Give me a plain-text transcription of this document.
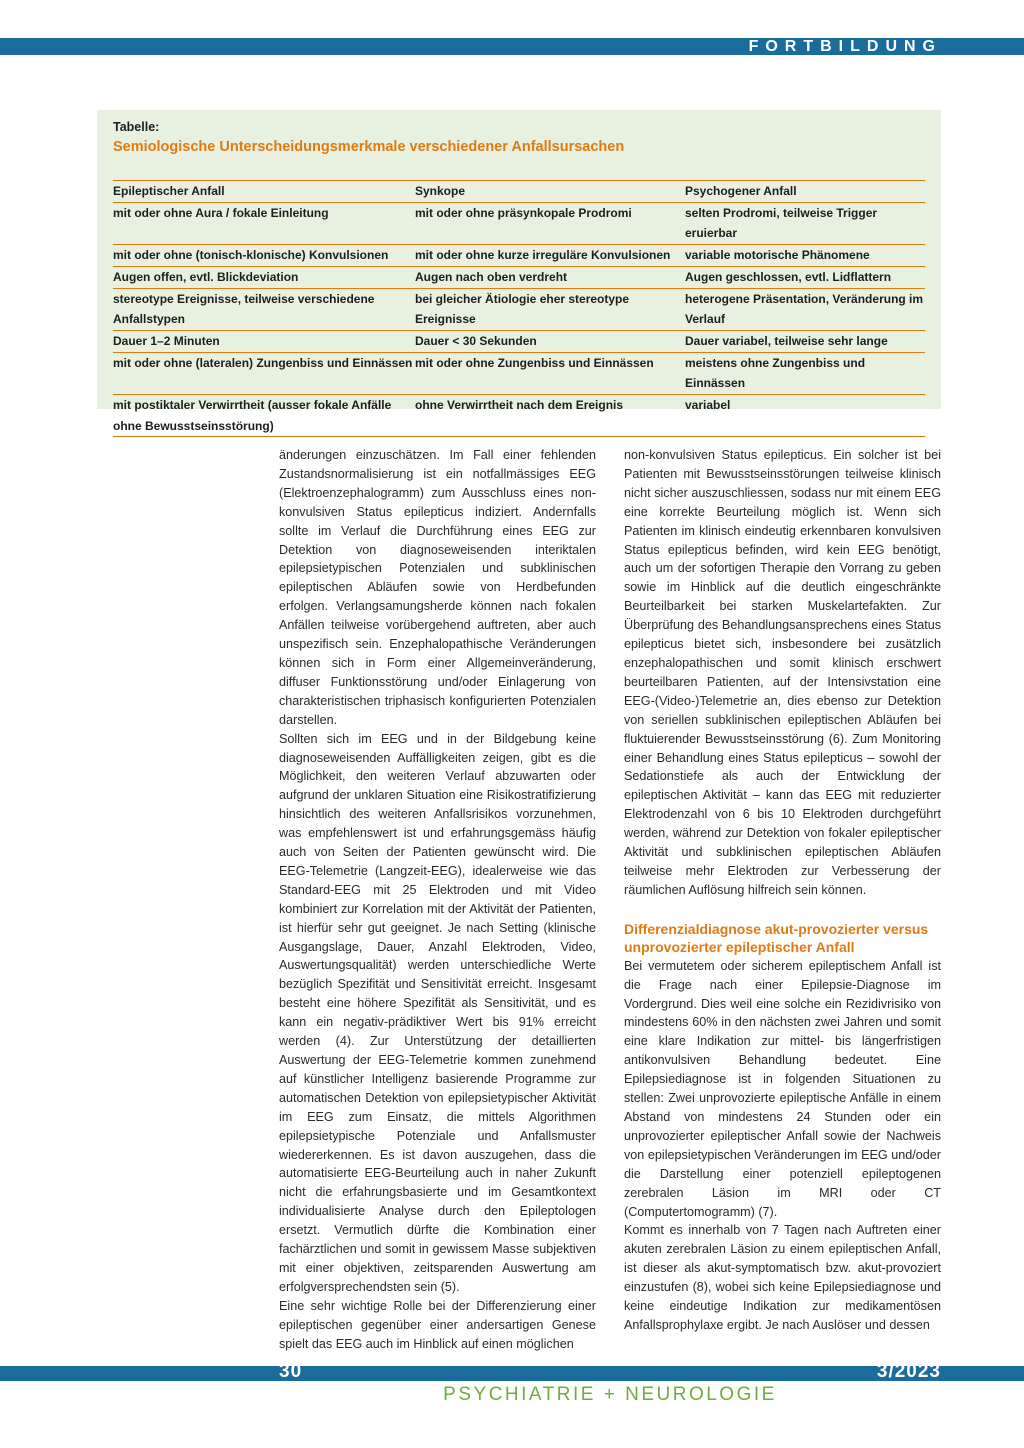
FORTBILDUNG
Tabelle:
Semiologische Unterscheidungsmerkmale verschiedener Anfallsursachen
Epileptischer Anfall	Synkope	Psychogener Anfall
mit oder ohne Aura / fokale Einleitung	mit oder ohne präsynkopale Prodromi	selten Prodromi, teilweise Trigger eruierbar
mit oder ohne (tonisch-klonische) Konvulsionen	mit oder ohne kurze irreguläre Konvulsionen	variable motorische Phänomene
Augen offen, evtl. Blickdeviation	Augen nach oben verdreht	Augen geschlossen, evtl. Lidflattern
stereotype Ereignisse, teilweise verschiedene Anfallstypen	bei gleicher Ätiologie eher stereotype Ereignisse	heterogene Präsentation, Veränderung im Verlauf
Dauer 1–2 Minuten	Dauer < 30 Sekunden	Dauer variabel, teilweise sehr lange
mit oder ohne (lateralen) Zungenbiss und Einnässen	mit oder ohne Zungenbiss und Einnässen	meistens ohne Zungenbiss und Einnässen
mit postiktaler Verwirrtheit (ausser fokale Anfälle ohne Bewusstseinsstörung)	ohne Verwirrtheit nach dem Ereignis	variabel

änderungen einzuschätzen. Im Fall einer fehlenden Zustandsnormalisierung ist ein notfallmässiges EEG (Elektroenzephalogramm) zum Ausschluss eines non-konvulsiven Status epilepticus indiziert. Andernfalls sollte im Verlauf die Durchführung eines EEG zur Detektion von diagnoseweisenden interiktalen epilepsietypischen Potenzialen und subklinischen epileptischen Abläufen sowie von Herdbefunden erfolgen. Verlangsamungsherde können nach fokalen Anfällen teilweise vorübergehend auftreten, aber auch unspezifisch sein. Enzephalopathische Veränderungen können sich in Form einer Allgemeinveränderung, diffuser Funktionsstörung und/oder Einlagerung von charakteristischen triphasisch konfigurierten Potenzialen darstellen.

Sollten sich im EEG und in der Bildgebung keine diagnoseweisenden Auffälligkeiten zeigen, gibt es die Möglichkeit, den weiteren Verlauf abzuwarten oder aufgrund der unklaren Situation eine Risikostratifizierung hinsichtlich des weiteren Anfallsrisikos vorzunehmen, was empfehlenswert ist und erfahrungsgemäss häufig auch von Seiten der Patienten gewünscht wird. Die EEG-Telemetrie (Langzeit-EEG), idealerweise wie das Standard-EEG mit 25 Elektroden und mit Video kombiniert zur Korrelation mit der Aktivität der Patienten, ist hierfür sehr gut geeignet. Je nach Setting (klinische Ausgangslage, Dauer, Anzahl Elektroden, Video, Auswertungsqualität) werden unterschiedliche Werte bezüglich Spezifität und Sensitivität erreicht. Insgesamt besteht eine höhere Spezifität als Sensitivität, und es kann ein negativ-prädiktiver Wert bis 91% erreicht werden (4). Zur Unterstützung der detaillierten Auswertung der EEG-Telemetrie kommen zunehmend auf künstlicher Intelligenz basierende Programme zur automatischen Detektion von epilepsietypischer Aktivität im EEG zum Einsatz, die mittels Algorithmen epilepsietypische Potenziale und Anfallsmuster wiedererkennen. Es ist davon auszugehen, dass die automatisierte EEG-Beurteilung auch in naher Zukunft nicht die erfahrungsbasierte und im Gesamtkontext individualisierte Analyse durch den Epileptologen ersetzt. Vermutlich dürfte die Kombination einer fachärztlichen und somit in gewissem Masse subjektiven mit einer objektiven, zeitsparenden Auswertung am erfolgversprechendsten sein (5).

Eine sehr wichtige Rolle bei der Differenzierung einer epileptischen gegenüber einer andersartigen Genese spielt das EEG auch im Hinblick auf einen möglichen

non-konvulsiven Status epilepticus. Ein solcher ist bei Patienten mit Bewusstseinsstörungen teilweise klinisch nicht sicher auszuschliessen, sodass nur mit einem EEG eine korrekte Beurteilung möglich ist. Wenn sich Patienten im klinisch eindeutig erkennbaren konvulsiven Status epilepticus befinden, wird kein EEG benötigt, auch um der sofortigen Therapie den Vorrang zu geben sowie im Hinblick auf die deutlich eingeschränkte Beurteilbarkeit bei starken Muskelartefakten. Zur Überprüfung des Behandlungsansprechens eines Status epilepticus bietet sich, insbesondere bei zusätzlich enzephalopathischen und somit klinisch erschwert beurteilbaren Patienten, auf der Intensivstation eine EEG-(Video-)Telemetrie an, dies ebenso zur Detektion von seriellen subklinischen epileptischen Abläufen bei fluktuierender Bewusstseinsstörung (6). Zum Monitoring einer Behandlung eines Status epilepticus – sowohl der Sedationstiefe als auch der Entwicklung der epileptischen Aktivität – kann das EEG mit reduzierter Elektrodenzahl von 6 bis 10 Elektroden durchgeführt werden, während zur Detektion von fokaler epileptischer Aktivität und subklinischen epileptischen Abläufen teilweise mehr Elektroden zur Verbesserung der räumlichen Auflösung hilfreich sein können.

Differenzialdiagnose akut-provozierter versus unprovozierter epileptischer Anfall

Bei vermutetem oder sicherem epileptischem Anfall ist die Frage nach einer Epilepsie-Diagnose im Vordergrund. Dies weil eine solche ein Rezidivrisiko von mindestens 60% in den nächsten zwei Jahren und somit eine klare Indikation zur mittel- bis längerfristigen antikonvulsiven Behandlung bedeutet. Eine Epilepsiediagnose ist in folgenden Situationen zu stellen: Zwei unprovozierte epileptische Anfälle in einem Abstand von mindestens 24 Stunden oder ein unprovozierter epileptischer Anfall sowie der Nachweis von epilepsietypischen Veränderungen im EEG und/oder die Darstellung einer potenziell epileptogenen zerebralen Läsion im MRI oder CT (Computertomogramm) (7).

Kommt es innerhalb von 7 Tagen nach Auftreten einer akuten zerebralen Läsion zu einem epileptischen Anfall, ist dieser als akut-symptomatisch bzw. akut-provoziert einzustufen (8), wobei sich keine Epilepsiediagnose und keine eindeutige Indikation zur medikamentösen Anfallsprophylaxe ergibt. Je nach Auslöser und dessen

30	3/2023
PSYCHIATRIE + NEUROLOGIE
